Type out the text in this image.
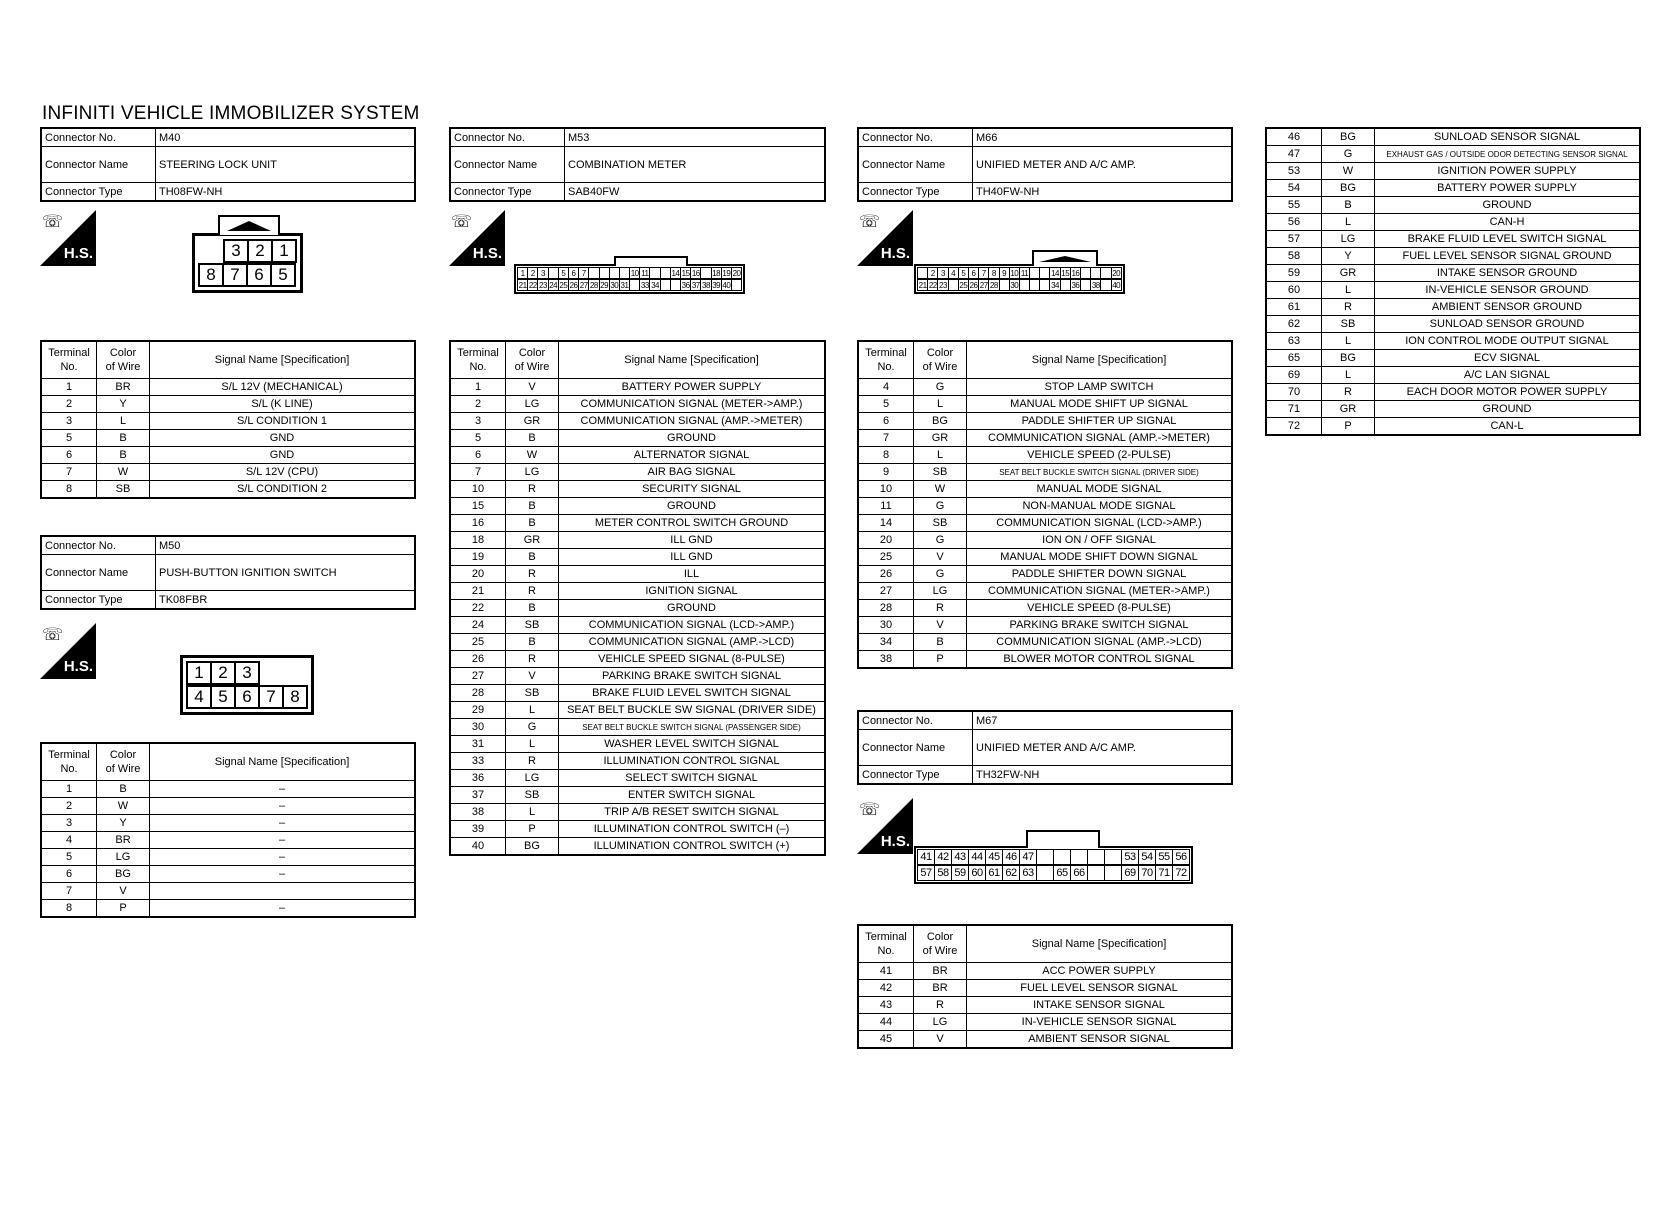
INFINITI VEHICLE IMMOBILIZER SYSTEM
Connector No.	M40
Connector Name	STEERING LOCK UNIT
Connector Type	TH08FW-NH
☏
H.S.	3	2	1
8	7	6	5
Terminal
No.	Color
of Wire	Signal Name [Specification]
1	BR	S/L 12V (MECHANICAL)
2	Y	S/L (K LINE)
3	L	S/L CONDITION 1
5	B	GND
6	B	GND
7	W	S/L 12V (CPU)
8	SB	S/L CONDITION 2
Connector No.	M50
Connector Name	PUSH-BUTTON IGNITION SWITCH
Connector Type	TK08FBR
☏
H.S.	1	2	3
4	5	6	7	8
Terminal
No.	Color
of Wire	Signal Name [Specification]
1	B	–
2	W	–
3	Y	–
4	BR	–
5	LG	–
6	BG	–
7	V	
8	P	–
Connector No.	M53
Connector Name	COMBINATION METER
Connector Type	SAB40FW
☏
H.S.
1	2	3		5	6	7					10	11			14	15	16		18	19	20
21	22	23	24	25	26	27	28	29	30	31		33	34			36	37	38	39	40	
Terminal
No.	Color
of Wire	Signal Name [Specification]
1	V	BATTERY POWER SUPPLY
2	LG	COMMUNICATION SIGNAL (METER->AMP.)
3	GR	COMMUNICATION SIGNAL (AMP.->METER)
5	B	GROUND
6	W	ALTERNATOR SIGNAL
7	LG	AIR BAG SIGNAL
10	R	SECURITY SIGNAL
15	B	GROUND
16	B	METER CONTROL SWITCH GROUND
18	GR	ILL GND
19	B	ILL GND
20	R	ILL
21	R	IGNITION SIGNAL
22	B	GROUND
24	SB	COMMUNICATION SIGNAL (LCD->AMP.)
25	B	COMMUNICATION SIGNAL (AMP.->LCD)
26	R	VEHICLE SPEED SIGNAL (8-PULSE)
27	V	PARKING BRAKE SWITCH SIGNAL
28	SB	BRAKE FLUID LEVEL SWITCH SIGNAL
29	L	SEAT BELT BUCKLE SW SIGNAL (DRIVER SIDE)
30	G	SEAT BELT BUCKLE SWITCH SIGNAL (PASSENGER SIDE)
31	L	WASHER LEVEL SWITCH SIGNAL
33	R	ILLUMINATION CONTROL SIGNAL
36	LG	SELECT SWITCH SIGNAL
37	SB	ENTER SWITCH SIGNAL
38	L	TRIP A/B RESET SWITCH SIGNAL
39	P	ILLUMINATION CONTROL SWITCH (–)
40	BG	ILLUMINATION CONTROL SWITCH (+)
Connector No.	M66
Connector Name	UNIFIED METER AND A/C AMP.
Connector Type	TH40FW-NH
☏
H.S.
	2	3	4	5	6	7	8	9	10	11			14	15	16				20
21	22	23		25	26	27	28		30				34		36		38		40
Terminal
No.	Color
of Wire	Signal Name [Specification]
4	G	STOP LAMP SWITCH
5	L	MANUAL MODE SHIFT UP SIGNAL
6	BG	PADDLE SHIFTER UP SIGNAL
7	GR	COMMUNICATION SIGNAL (AMP.->METER)
8	L	VEHICLE SPEED (2-PULSE)
9	SB	SEAT BELT BUCKLE SWITCH SIGNAL (DRIVER SIDE)
10	W	MANUAL MODE SIGNAL
11	G	NON-MANUAL MODE SIGNAL
14	SB	COMMUNICATION SIGNAL (LCD->AMP.)
20	G	ION ON / OFF SIGNAL
25	V	MANUAL MODE SHIFT DOWN SIGNAL
26	G	PADDLE SHIFTER DOWN SIGNAL
27	LG	COMMUNICATION SIGNAL (METER->AMP.)
28	R	VEHICLE SPEED (8-PULSE)
30	V	PARKING BRAKE SWITCH SIGNAL
34	B	COMMUNICATION SIGNAL (AMP.->LCD)
38	P	BLOWER MOTOR CONTROL SIGNAL
Connector No.	M67
Connector Name	UNIFIED METER AND A/C AMP.
Connector Type	TH32FW-NH
☏
H.S.
41	42	43	44	45	46	47						53	54	55	56
57	58	59	60	61	62	63		65	66			69	70	71	72
Terminal
No.	Color
of Wire	Signal Name [Specification]
41	BR	ACC POWER SUPPLY
42	BR	FUEL LEVEL SENSOR SIGNAL
43	R	INTAKE SENSOR SIGNAL
44	LG	IN-VEHICLE SENSOR SIGNAL
45	V	AMBIENT SENSOR SIGNAL
46	BG	SUNLOAD SENSOR SIGNAL
47	G	EXHAUST GAS / OUTSIDE ODOR DETECTING SENSOR SIGNAL
53	W	IGNITION POWER SUPPLY
54	BG	BATTERY POWER SUPPLY
55	B	GROUND
56	L	CAN-H
57	LG	BRAKE FLUID LEVEL SWITCH SIGNAL
58	Y	FUEL LEVEL SENSOR SIGNAL GROUND
59	GR	INTAKE SENSOR GROUND
60	L	IN-VEHICLE SENSOR GROUND
61	R	AMBIENT SENSOR GROUND
62	SB	SUNLOAD SENSOR GROUND
63	L	ION CONTROL MODE OUTPUT SIGNAL
65	BG	ECV SIGNAL
69	L	A/C LAN SIGNAL
70	R	EACH DOOR MOTOR POWER SUPPLY
71	GR	GROUND
72	P	CAN-L
